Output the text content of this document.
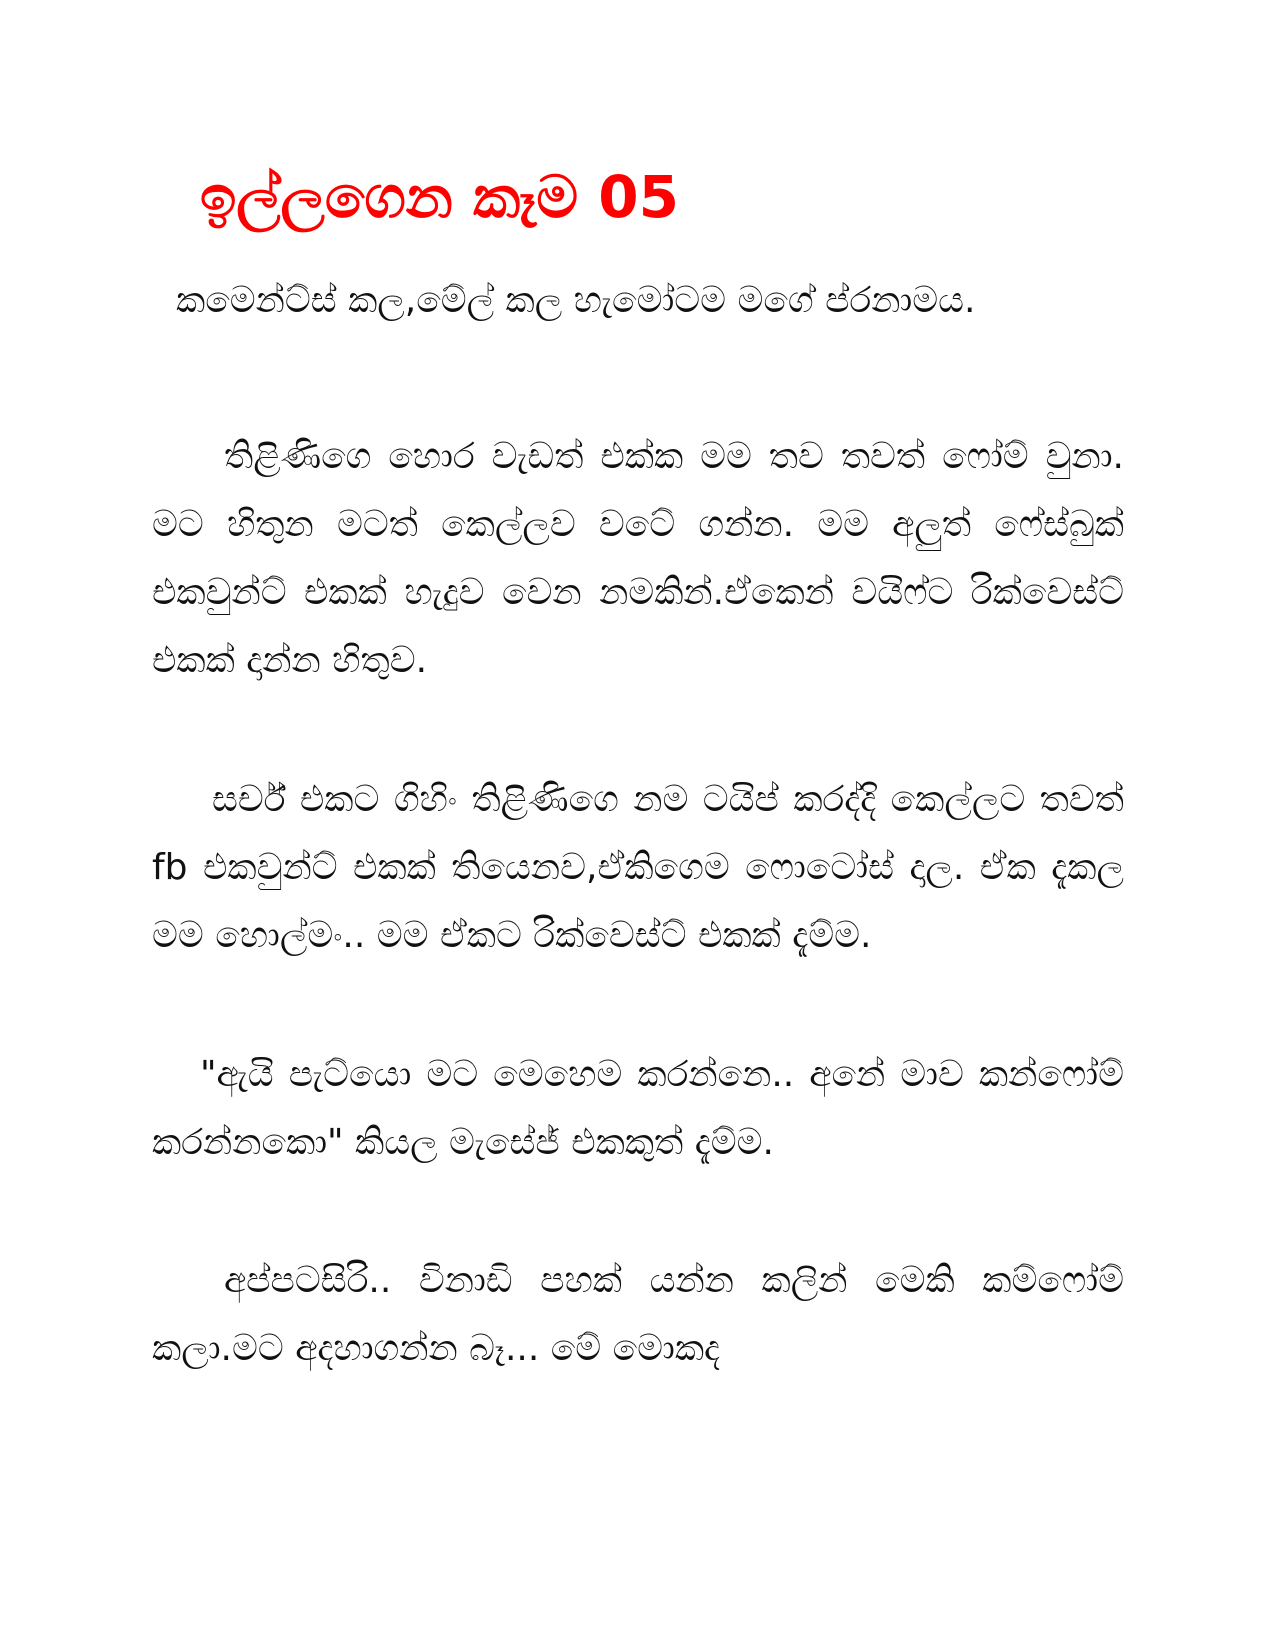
ඉල්ලගෙන කෑම 05

කමෙන්ට්ස් කල,මේල් කල හැමෝටම මගේ ප්රනාමය.

තිළිණිගෙ හොර වැඩත් එක්ක මම තව තවත් ෆෝම් වුනා. මට හිතුන මටත් කෙල්ලව වටේ ගන්න. මම අලුත් ෆේස්බුක් එකවුන්ට් එකක් හැදුව වෙන නමකින්.ඒකෙන් වයිෆ්ට රික්වෙස්ට් එකක් දාන්න හිතුව.

සර්ච් එකට ගිහිං තිළිණිගෙ නම ටයිප් කරද්දි කෙල්ලට තවත් fb එකවුන්ට් එකක් තියෙනව,ඒකිගෙම ෆොටෝස් දාල. ඒක දැකල මම හොල්මං.. මම ඒකට රික්වෙස්ට් එකක් දැම්ම.

"ඇයි පැට්යො මට මෙහෙම කරන්නෙ.. අනේ මාව කන්ෆෝම් කරන්නකො" කියල මැසේජ් එකකුත් දැම්ම.

අප්පටසිරි.. විනාඩි පහක් යන්න කලින් මෙකි කම්ෆෝම් කලා.මට අදහාගන්න බෑ... මේ මොකද
